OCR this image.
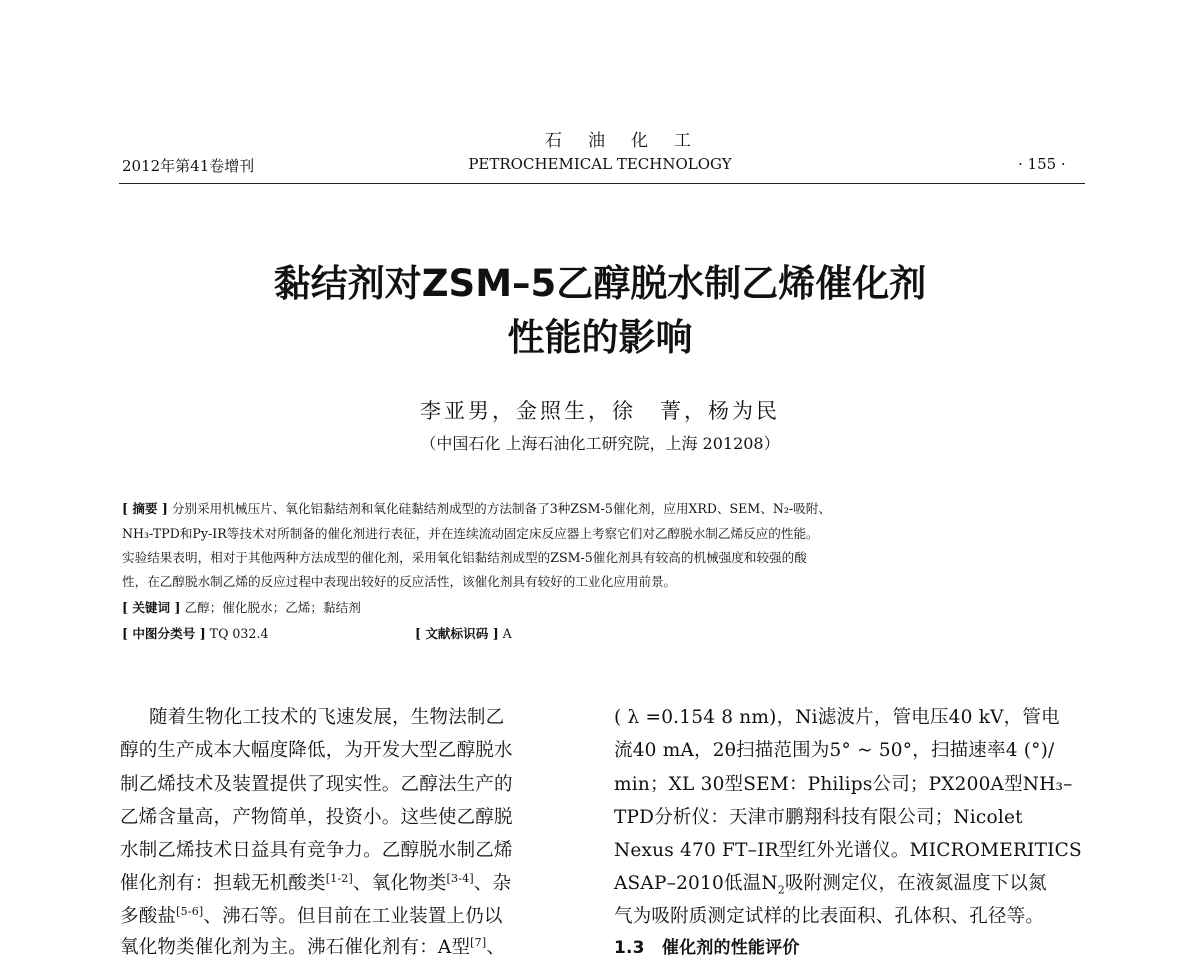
石油化工
2012年第41卷增刊	PETROCHEMICAL TECHNOLOGY	· 155 ·
黏结剂对ZSM–5乙醇脱水制乙烯催化剂
性能的影响
李亚男，金照生，徐　菁，杨为民
（中国石化 上海石油化工研究院，上海 201208）
[ 摘要 ] 分别采用机械压片、氧化铝黏结剂和氧化硅黏结剂成型的方法制备了3种ZSM-5催化剂，应用XRD、SEM、N₂-吸附、
NH₃-TPD和Py-IR等技术对所制备的催化剂进行表征，并在连续流动固定床反应器上考察它们对乙醇脱水制乙烯反应的性能。
实验结果表明，相对于其他两种方法成型的催化剂，采用氧化铝黏结剂成型的ZSM-5催化剂具有较高的机械强度和较强的酸
性，在乙醇脱水制乙烯的反应过程中表现出较好的反应活性，该催化剂具有较好的工业化应用前景。
[ 关键词 ] 乙醇；催化脱水；乙烯；黏结剂
[ 中图分类号 ] TQ 032.4	[ 文献标识码 ] A
随着生物化工技术的飞速发展，生物法制乙
醇的生产成本大幅度降低，为开发大型乙醇脱水
制乙烯技术及装置提供了现实性。乙醇法生产的
乙烯含量高，产物简单，投资小。这些使乙醇脱
水制乙烯技术日益具有竞争力。乙醇脱水制乙烯
催化剂有：担载无机酸类[1-2]、氧化物类[3-4]、杂
多酸盐[5-6]、沸石等。但目前在工业装置上仍以
氧化物类催化剂为主。沸石催化剂有：A型[7]、
( λ =0.154 8 nm)，Ni滤波片，管电压40 kV，管电
流40 mA，2θ扫描范围为5° ~ 50°，扫描速率4 (°)/
min；XL 30型SEM：Philips公司；PX200A型NH₃–
TPD分析仪：天津市鹏翔科技有限公司；Nicolet
Nexus 470 FT–IR型红外光谱仪。MICROMERITICS
ASAP–2010低温$N_2$吸附测定仪，在液氮温度下以氮
气为吸附质测定试样的比表面积、孔体积、孔径等。
1.3　催化剂的性能评价
